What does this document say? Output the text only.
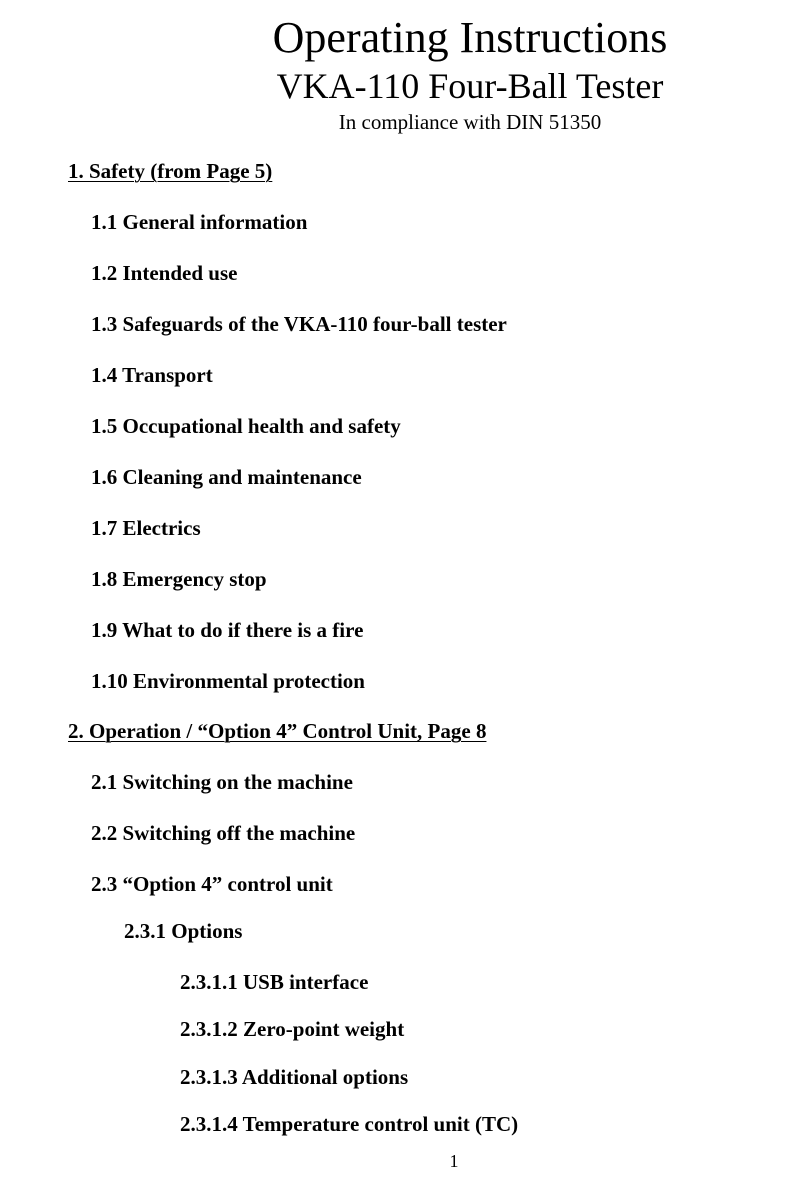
Operating Instructions
VKA-110 Four-Ball Tester
In compliance with DIN 51350
1. Safety (from Page 5)
1.1 General information
1.2 Intended use
1.3 Safeguards of the VKA-110 four-ball tester
1.4 Transport
1.5 Occupational health and safety
1.6 Cleaning and maintenance
1.7 Electrics
1.8 Emergency stop
1.9 What to do if there is a fire
1.10 Environmental protection
2. Operation / “Option 4” Control Unit, Page 8
2.1 Switching on the machine
2.2 Switching off the machine
2.3 “Option 4” control unit
2.3.1 Options
2.3.1.1 USB interface
2.3.1.2 Zero-point weight
2.3.1.3 Additional options
2.3.1.4 Temperature control unit (TC)
1
